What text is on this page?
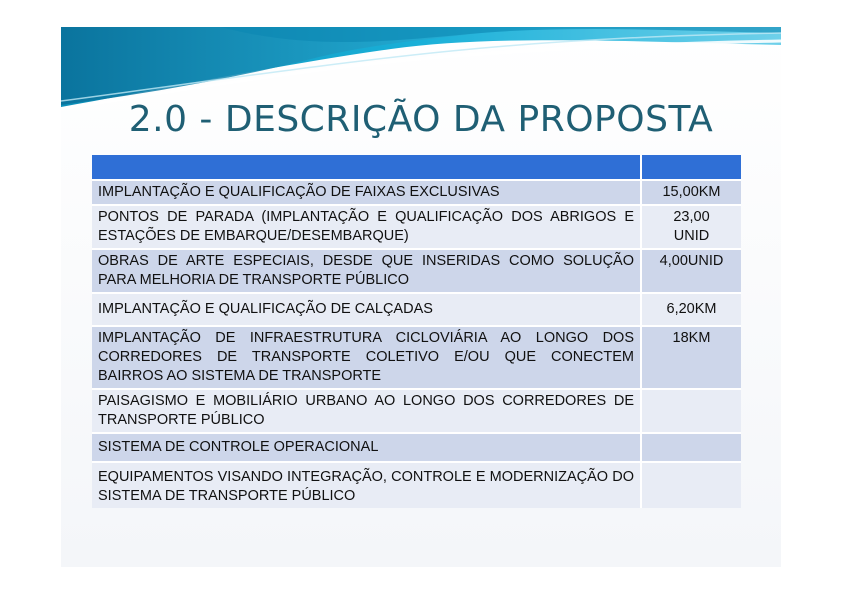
2.0 - DESCRIÇÃO DA PROPOSTA

IMPLANTAÇÃO E QUALIFICAÇÃO DE FAIXAS EXCLUSIVAS	15,00KM
PONTOS DE PARADA (IMPLANTAÇÃO E QUALIFICAÇÃO DOS ABRIGOS E ESTAÇÕES DE EMBARQUE/DESEMBARQUE)	23,00 UNID
OBRAS DE ARTE ESPECIAIS, DESDE QUE INSERIDAS COMO SOLUÇÃO PARA MELHORIA DE TRANSPORTE PÚBLICO	4,00UNID
IMPLANTAÇÃO E QUALIFICAÇÃO DE CALÇADAS	6,20KM
IMPLANTAÇÃO DE INFRAESTRUTURA CICLOVIÁRIA AO LONGO DOS CORREDORES DE TRANSPORTE COLETIVO E/OU QUE CONECTEM BAIRROS AO SISTEMA DE TRANSPORTE	18KM
PAISAGISMO E MOBILIÁRIO URBANO AO LONGO DOS CORREDORES DE TRANSPORTE PÚBLICO	
SISTEMA DE CONTROLE OPERACIONAL	
EQUIPAMENTOS VISANDO INTEGRAÇÃO, CONTROLE E MODERNIZAÇÃO DO SISTEMA DE TRANSPORTE PÚBLICO	
